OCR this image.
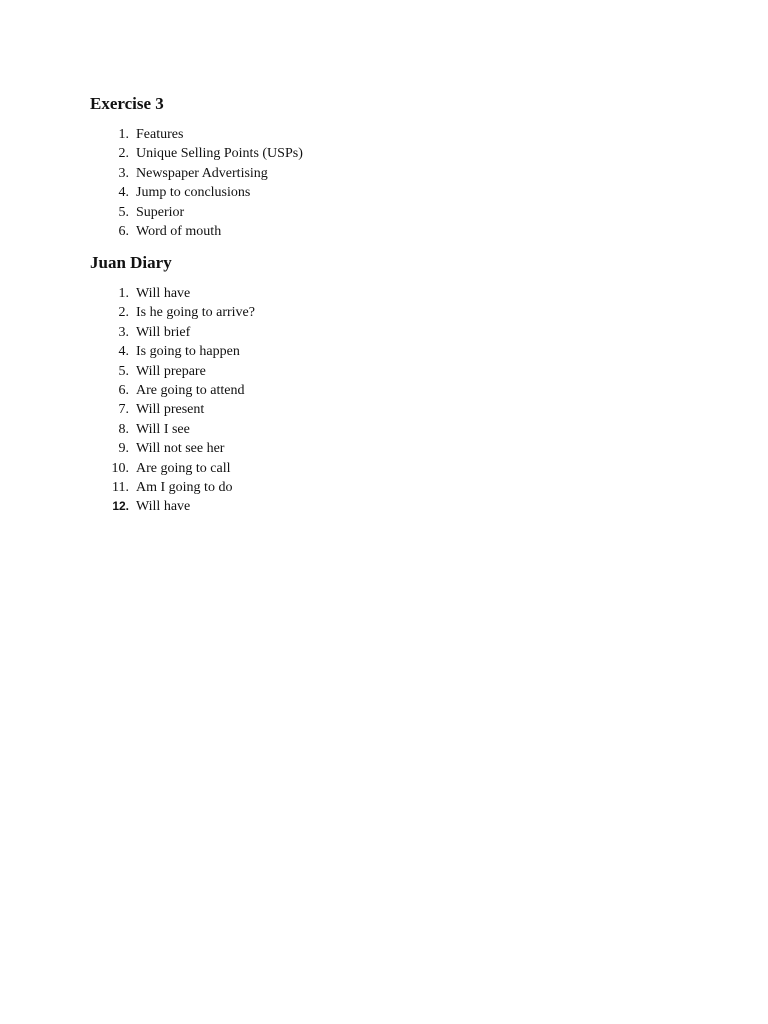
Exercise 3
1. Features
2. Unique Selling Points (USPs)
3. Newspaper Advertising
4. Jump to conclusions
5. Superior
6. Word of mouth
Juan Diary
1. Will have
2. Is he going to arrive?
3. Will brief
4. Is going to happen
5. Will prepare
6. Are going to attend
7. Will present
8. Will I see
9. Will not see her
10. Are going to call
11. Am I going to do
12. Will have
